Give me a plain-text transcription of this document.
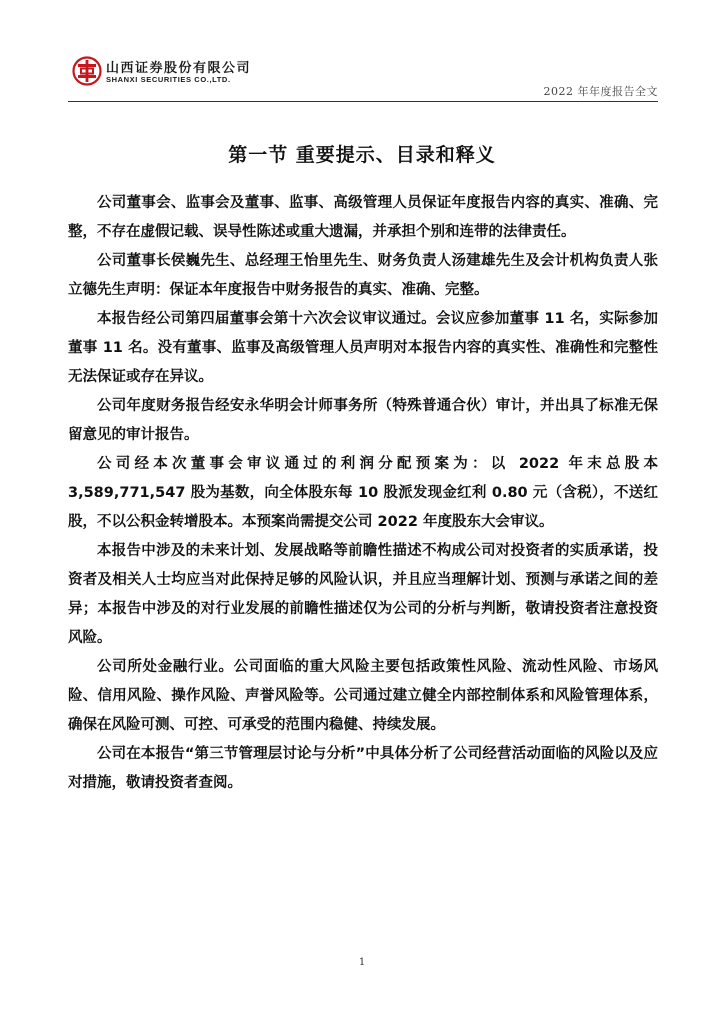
山西证券股份有限公司
SHANXI SECURITIES CO.,LTD.
2022 年年度报告全文
第一节 重要提示、目录和释义

公司董事会、监事会及董事、监事、高级管理人员保证年度报告内容的真实、准确、完整，不存在虚假记载、误导性陈述或重大遗漏，并承担个别和连带的法律责任。

公司董事长侯巍先生、总经理王怡里先生、财务负责人汤建雄先生及会计机构负责人张立德先生声明：保证本年度报告中财务报告的真实、准确、完整。

本报告经公司第四届董事会第十六次会议审议通过。会议应参加董事 11 名，实际参加董事 11 名。没有董事、监事及高级管理人员声明对本报告内容的真实性、准确性和完整性无法保证或存在异议。

公司年度财务报告经安永华明会计师事务所（特殊普通合伙）审计，并出具了标准无保留意见的审计报告。

公司经本次董事会审议通过的利润分配预案为：以 2022 年末总股本 3,589,771,547 股为基数，向全体股东每 10 股派发现金红利 0.80 元（含税），不送红股，不以公积金转增股本。本预案尚需提交公司 2022 年度股东大会审议。

本报告中涉及的未来计划、发展战略等前瞻性描述不构成公司对投资者的实质承诺，投资者及相关人士均应当对此保持足够的风险认识，并且应当理解计划、预测与承诺之间的差异；本报告中涉及的对行业发展的前瞻性描述仅为公司的分析与判断，敬请投资者注意投资风险。

公司所处金融行业。公司面临的重大风险主要包括政策性风险、流动性风险、市场风险、信用风险、操作风险、声誉风险等。公司通过建立健全内部控制体系和风险管理体系，确保在风险可测、可控、可承受的范围内稳健、持续发展。

公司在本报告“第三节管理层讨论与分析”中具体分析了公司经营活动面临的风险以及应对措施，敬请投资者查阅。

1
